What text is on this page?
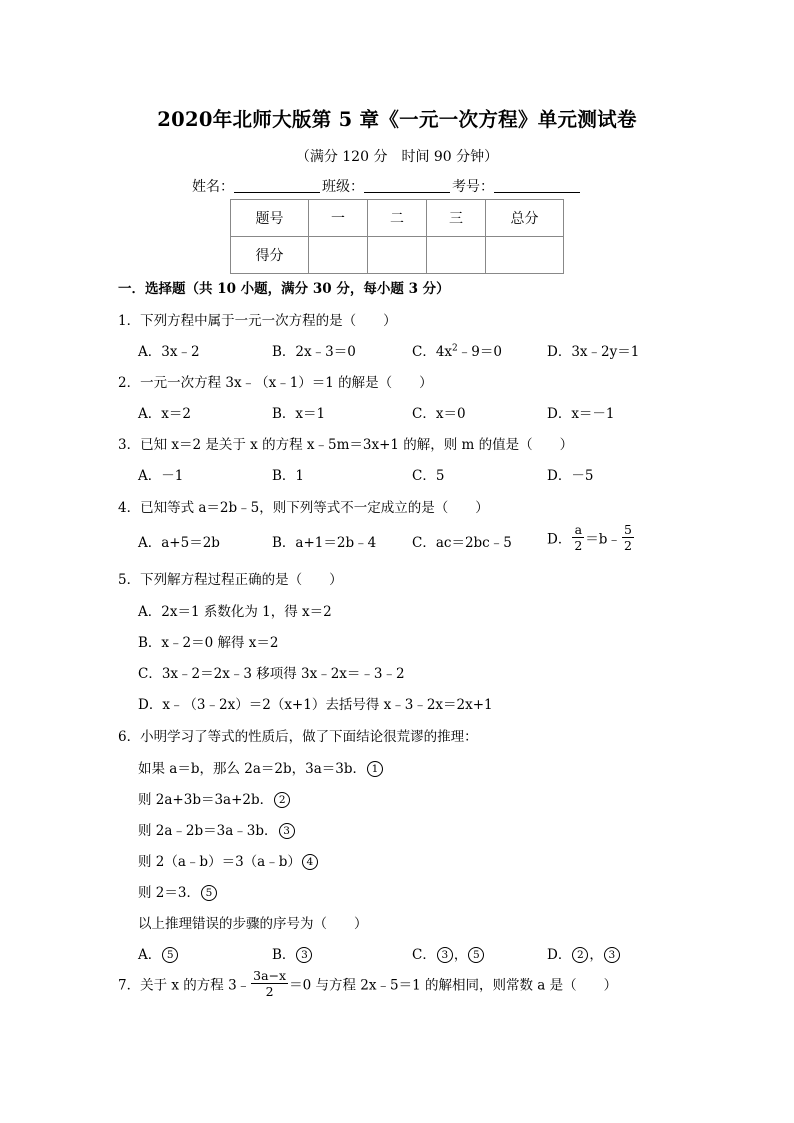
2020年北师大版第 5 章《一元一次方程》单元测试卷
（满分 120 分　时间 90 分钟）
姓名：	班级：	考号：
题号	一	二	三	总分
得分				
一．选择题（共 10 小题，满分 30 分，每小题 3 分）
1．下列方程中属于一元一次方程的是（　　）
A．3x﹣2	B．2x﹣3＝0	C．$4x^2﹣9=0$	D．3x﹣2y＝1
2．一元一次方程 3x﹣（x﹣1）＝1 的解是（　　）
A．x＝2	B．x＝1	C．x＝0	D．x＝－1
3．已知 x＝2 是关于 x 的方程 x﹣5m＝3x+1 的解，则 m 的值是（　　）
A．－1	B．1	C．5	D．－5
4．已知等式 a＝2b﹣5，则下列等式不一定成立的是（　　）
A．a+5＝2b	B．a+1＝2b﹣4	C．ac＝2bc﹣5	D． $\frac{a}{2}$ ＝b﹣ $\frac{5}{2}$
5．下列解方程过程正确的是（　　）
A．2x＝1 系数化为 1，得 x＝2
B．x﹣2＝0 解得 x＝2
C．3x﹣2＝2x﹣3 移项得 3x﹣2x＝﹣3﹣2
D．x﹣（3﹣2x）＝2（x+1）去括号得 x﹣3﹣2x＝2x+1
6．小明学习了等式的性质后，做了下面结论很荒谬的推理：
如果 a＝b，那么 2a＝2b，3a＝3b． 1
则 2a+3b＝3a+2b． 2
则 2a﹣2b＝3a﹣3b． 3
则 2（a﹣b）＝3（a﹣b） 4
则 2＝3． 5
以上推理错误的步骤的序号为（　　）
A． 5	B． 3	C． 3 ， 5	D． 2 ， 3
7．关于 x 的方程 3﹣ $\frac{3a-x}{2} =0$ 与方程 2x﹣5＝1 的解相同，则常数 a 是（　　）
